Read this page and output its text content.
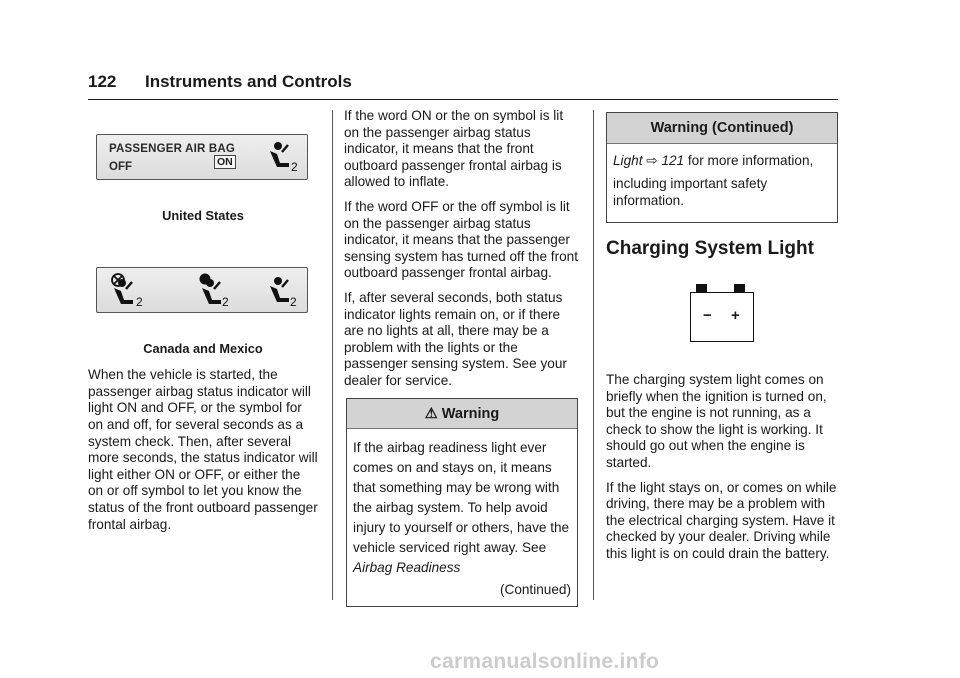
122 Instruments and Controls
PASSENGER AIR BAG
OFF	ON	2
United States
2	2	2
Canada and Mexico

When the vehicle is started, the passenger airbag status indicator will light ON and OFF, or the symbol for on and off, for several seconds as a system check. Then, after several more seconds, the status indicator will light either ON or OFF, or either the on or off symbol to let you know the status of the front outboard passenger frontal airbag.

If the word ON or the on symbol is lit on the passenger airbag status indicator, it means that the front outboard passenger frontal airbag is allowed to inflate.

If the word OFF or the off symbol is lit on the passenger airbag status indicator, it means that the passenger sensing system has turned off the front outboard passenger frontal airbag.

If, after several seconds, both status indicator lights remain on, or if there are no lights at all, there may be a problem with the lights or the passenger sensing system. See your dealer for service.

⚠ Warning
If the airbag readiness light ever comes on and stays on, it means that something may be wrong with the airbag system. To help avoid injury to yourself or others, have the vehicle serviced right away. See Airbag Readiness
(Continued)
Warning (Continued)

Light ⇨ 121 for more information,

including important safety information.

Charging System Light
− +

The charging system light comes on briefly when the ignition is turned on, but the engine is not running, as a check to show the light is working. It should go out when the engine is started.

If the light stays on, or comes on while driving, there may be a problem with the electrical charging system. Have it checked by your dealer. Driving while this light is on could drain the battery.

carmanualsonline.info
